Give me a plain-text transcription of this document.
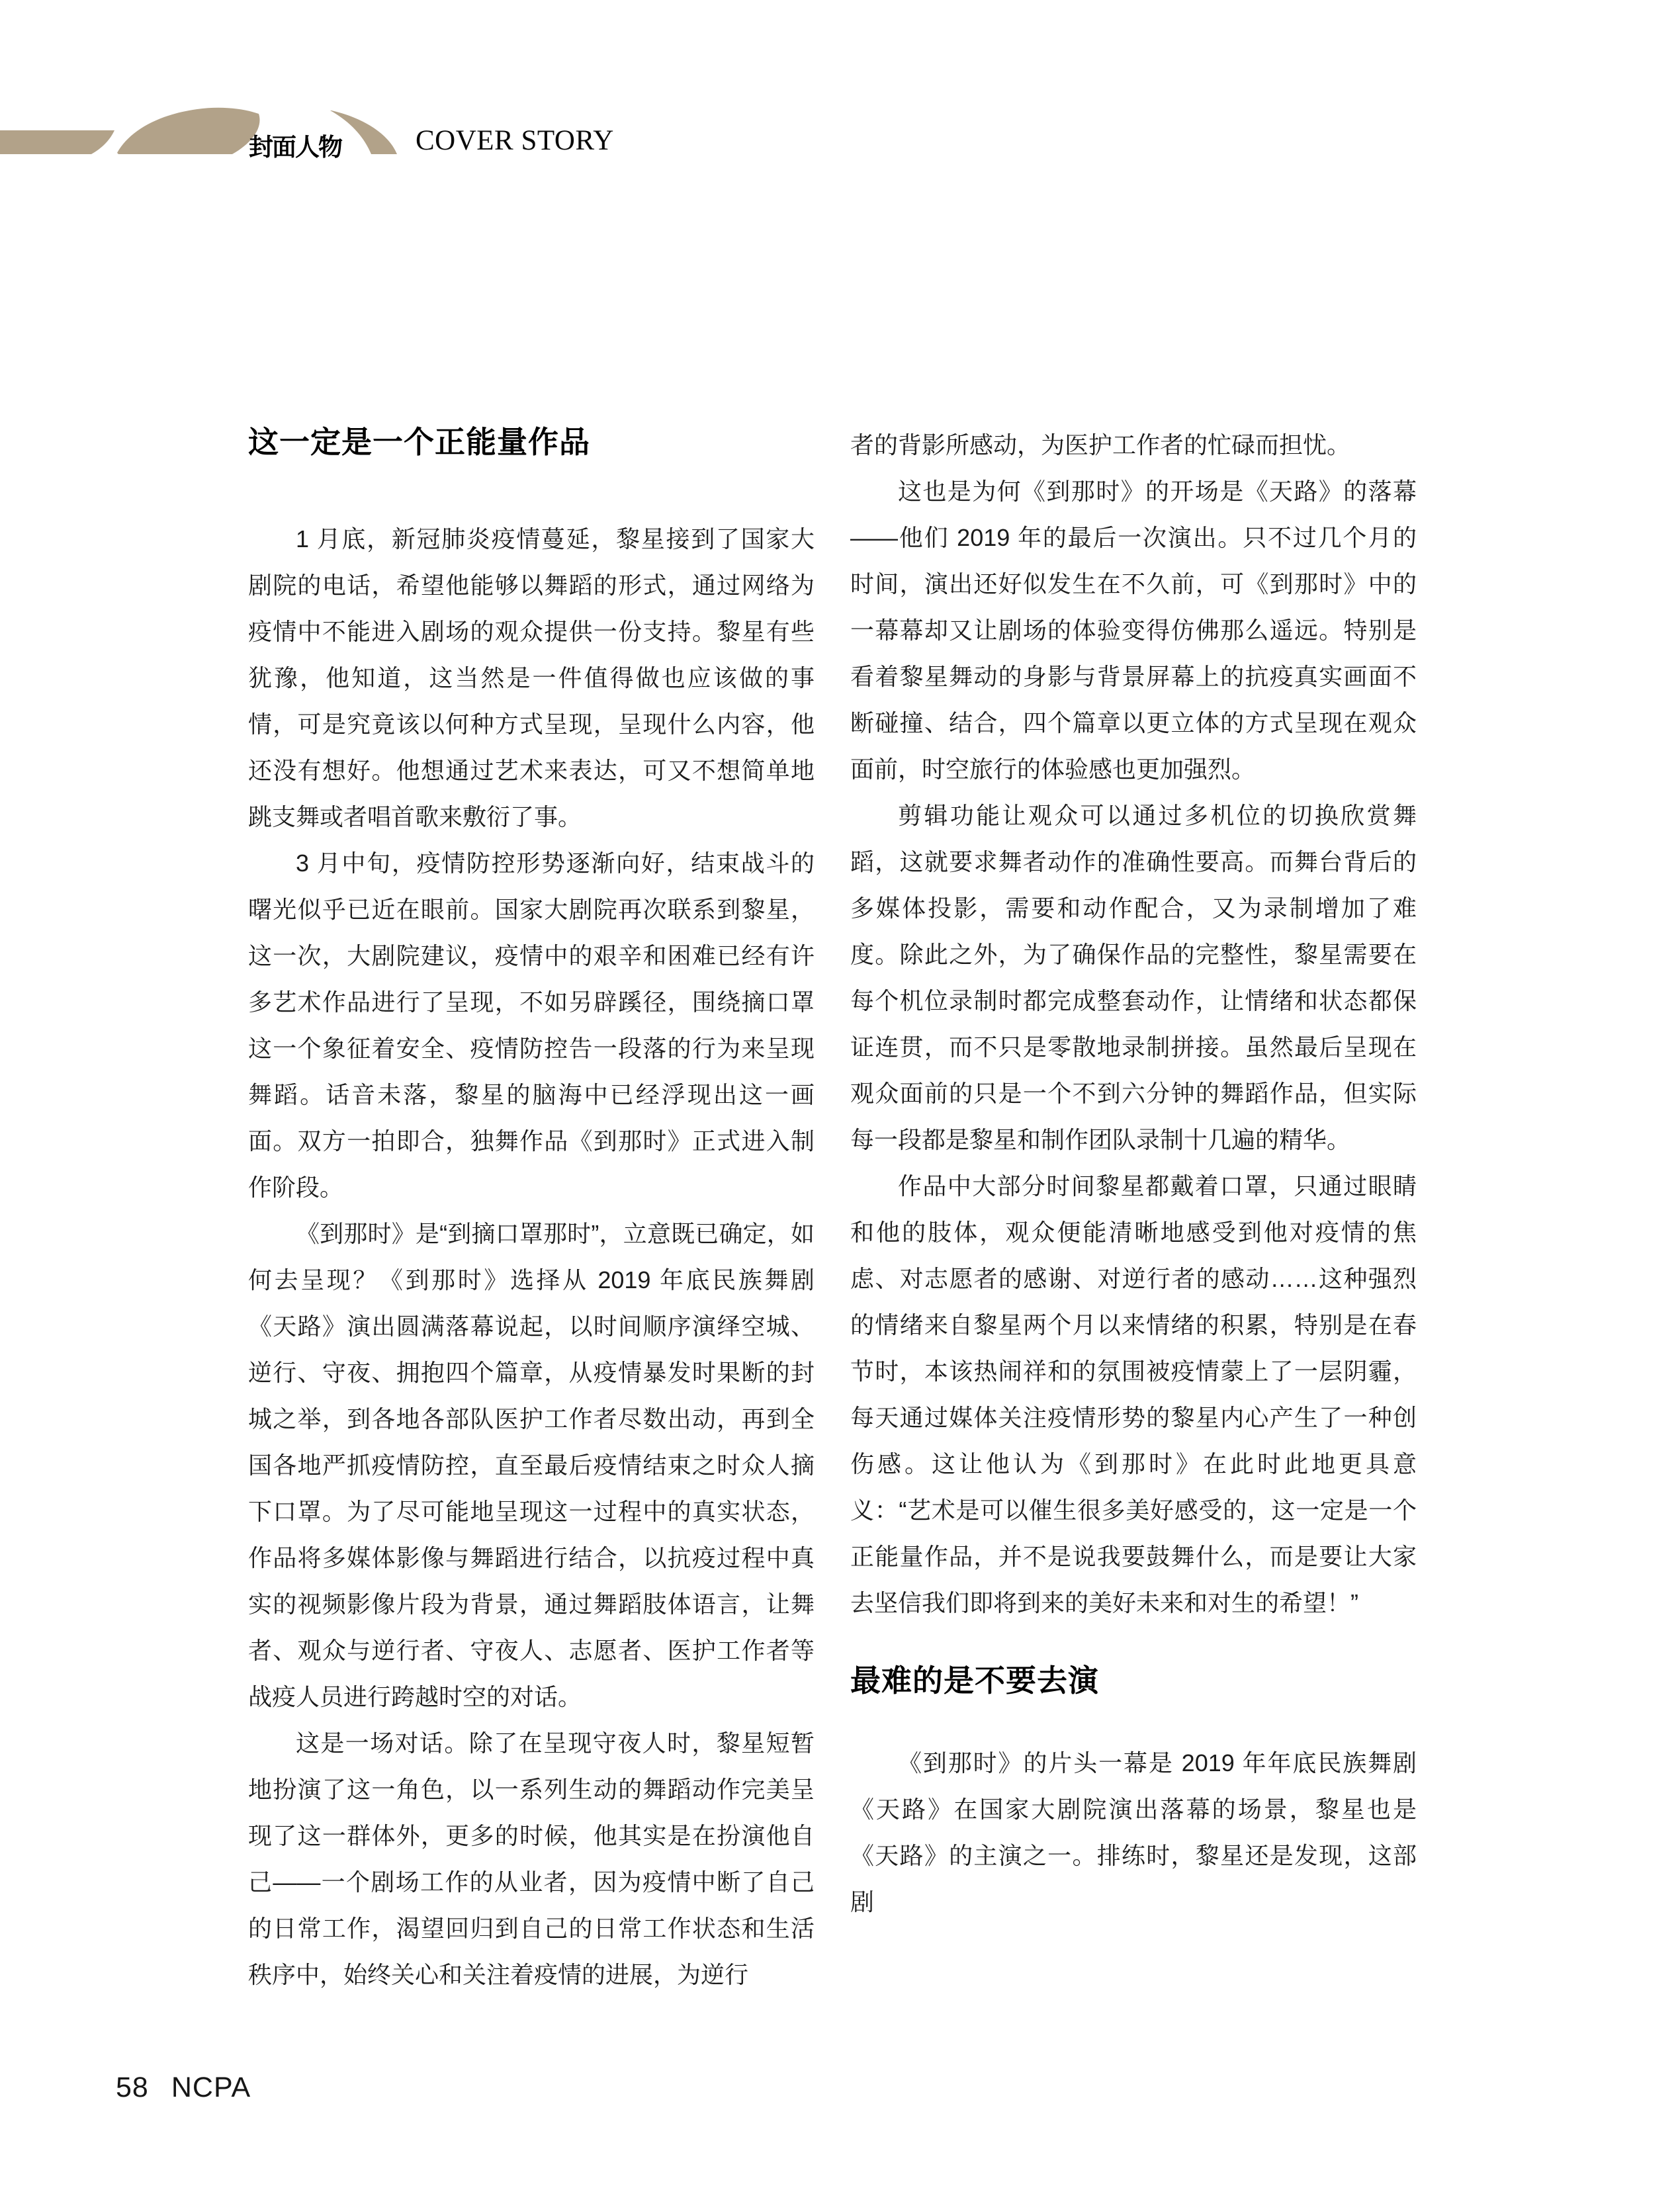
封面人物	COVER STORY
这一定是一个正能量作品

1 月底，新冠肺炎疫情蔓延，黎星接到了国家大剧院的电话，希望他能够以舞蹈的形式，通过网络为疫情中不能进入剧场的观众提供一份支持。黎星有些犹豫，他知道，这当然是一件值得做也应该做的事情，可是究竟该以何种方式呈现，呈现什么内容，他还没有想好。他想通过艺术来表达，可又不想简单地跳支舞或者唱首歌来敷衍了事。

3 月中旬，疫情防控形势逐渐向好，结束战斗的曙光似乎已近在眼前。国家大剧院再次联系到黎星，这一次，大剧院建议，疫情中的艰辛和困难已经有许多艺术作品进行了呈现，不如另辟蹊径，围绕摘口罩这一个象征着安全、疫情防控告一段落的行为来呈现舞蹈。话音未落，黎星的脑海中已经浮现出这一画面。双方一拍即合，独舞作品《到那时》正式进入制作阶段。

《到那时》是“到摘口罩那时”，立意既已确定，如何去呈现？《到那时》选择从 2019 年底民族舞剧《天路》演出圆满落幕说起，以时间顺序演绎空城、逆行、守夜、拥抱四个篇章，从疫情暴发时果断的封城之举，到各地各部队医护工作者尽数出动，再到全国各地严抓疫情防控，直至最后疫情结束之时众人摘下口罩。为了尽可能地呈现这一过程中的真实状态，作品将多媒体影像与舞蹈进行结合，以抗疫过程中真实的视频影像片段为背景，通过舞蹈肢体语言，让舞者、观众与逆行者、守夜人、志愿者、医护工作者等战疫人员进行跨越时空的对话。

这是一场对话。除了在呈现守夜人时，黎星短暂地扮演了这一角色，以一系列生动的舞蹈动作完美呈现了这一群体外，更多的时候，他其实是在扮演他自己——一个剧场工作的从业者，因为疫情中断了自己的日常工作，渴望回归到自己的日常工作状态和生活秩序中，始终关心和关注着疫情的进展，为逆行

者的背影所感动，为医护工作者的忙碌而担忧。

这也是为何《到那时》的开场是《天路》的落幕——他们 2019 年的最后一次演出。只不过几个月的时间，演出还好似发生在不久前，可《到那时》中的一幕幕却又让剧场的体验变得仿佛那么遥远。特别是看着黎星舞动的身影与背景屏幕上的抗疫真实画面不断碰撞、结合，四个篇章以更立体的方式呈现在观众面前，时空旅行的体验感也更加强烈。

剪辑功能让观众可以通过多机位的切换欣赏舞蹈，这就要求舞者动作的准确性要高。而舞台背后的多媒体投影，需要和动作配合，又为录制增加了难度。除此之外，为了确保作品的完整性，黎星需要在每个机位录制时都完成整套动作，让情绪和状态都保证连贯，而不只是零散地录制拼接。虽然最后呈现在观众面前的只是一个不到六分钟的舞蹈作品，但实际每一段都是黎星和制作团队录制十几遍的精华。

作品中大部分时间黎星都戴着口罩，只通过眼睛和他的肢体，观众便能清晰地感受到他对疫情的焦虑、对志愿者的感谢、对逆行者的感动……这种强烈的情绪来自黎星两个月以来情绪的积累，特别是在春节时，本该热闹祥和的氛围被疫情蒙上了一层阴霾，每天通过媒体关注疫情形势的黎星内心产生了一种创伤感。这让他认为《到那时》在此时此地更具意义：“艺术是可以催生很多美好感受的，这一定是一个正能量作品，并不是说我要鼓舞什么，而是要让大家去坚信我们即将到来的美好未来和对生的希望！”

最难的是不要去演

《到那时》的片头一幕是 2019 年年底民族舞剧《天路》在国家大剧院演出落幕的场景，黎星也是《天路》的主演之一。排练时，黎星还是发现，这部剧

58 NCPA
